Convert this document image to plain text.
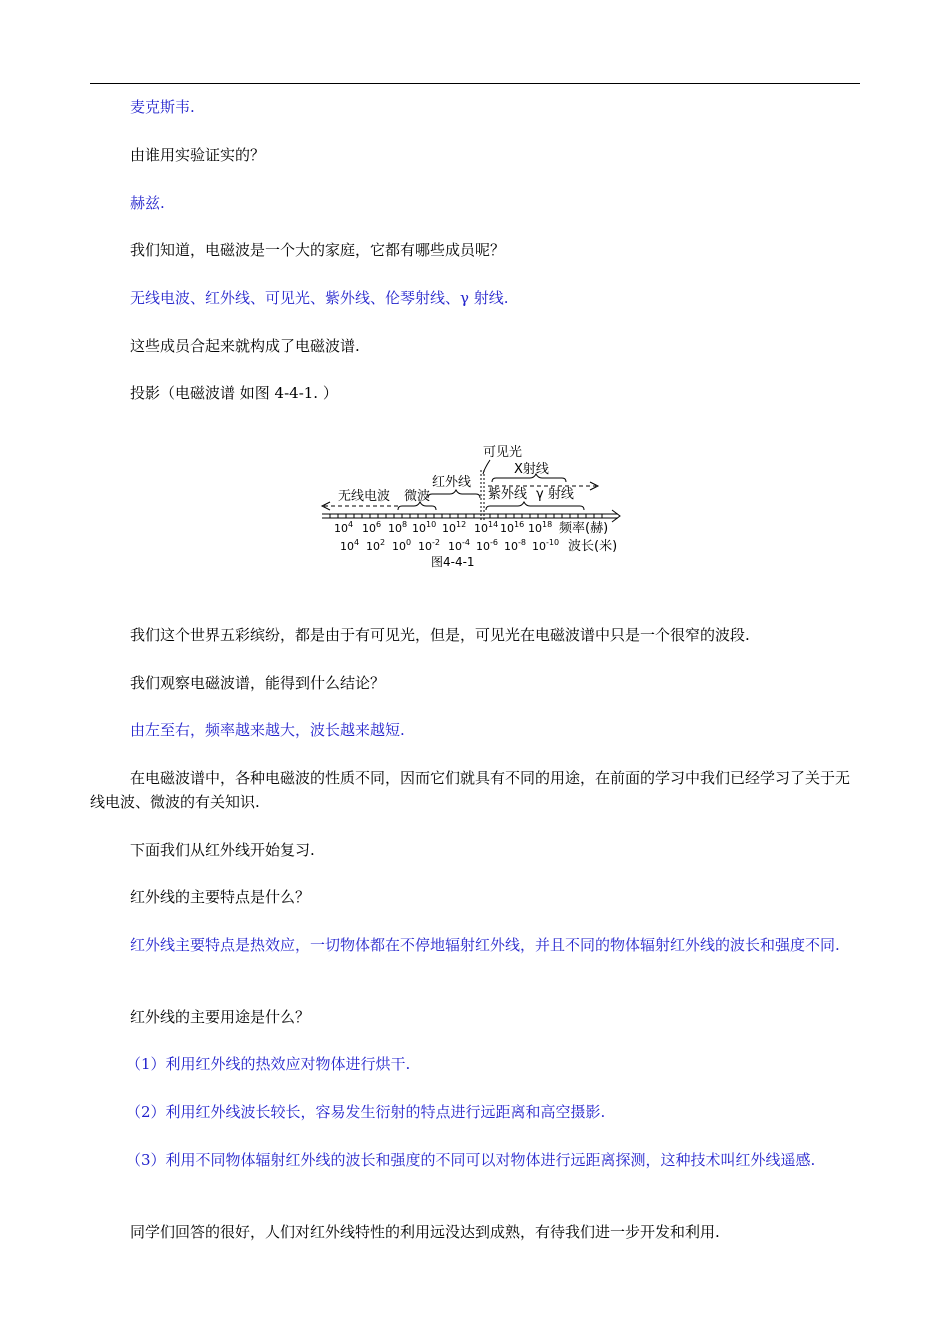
麦克斯韦.
由谁用实验证实的？
赫兹.
我们知道，电磁波是一个大的家庭，它都有哪些成员呢？
无线电波、红外线、可见光、紫外线、伦琴射线、γ 射线.
这些成员合起来就构成了电磁波谱.
投影（电磁波谱 如图 4-4-1. ）
可见光
X射线
红外线
无线电波 微波	紫外线 γ 射线
$10^4$ $10^6$ $10^8$ $10^{10}$ $10^{12}$ $10^{14}$ $10^{16}$ $10^{18}$ 频率(赫)
$10^4$ $10^2$ $10^0$ $10^{-2}$ $10^{-4}$ $10^{-6}$ $10^{-8}$ $10^{-10}$ 波长(米)
图4-4-1
我们这个世界五彩缤纷，都是由于有可见光，但是，可见光在电磁波谱中只是一个很窄的波段.
我们观察电磁波谱，能得到什么结论？
由左至右，频率越来越大，波长越来越短.
在电磁波谱中，各种电磁波的性质不同，因而它们就具有不同的用途，在前面的学习中我们已经学习了关于无线电波、微波的有关知识.
下面我们从红外线开始复习.
红外线的主要特点是什么？
红外线主要特点是热效应，一切物体都在不停地辐射红外线，并且不同的物体辐射红外线的波长和强度不同.
红外线的主要用途是什么？
（1）利用红外线的热效应对物体进行烘干.
（2）利用红外线波长较长，容易发生衍射的特点进行远距离和高空摄影.
（3）利用不同物体辐射红外线的波长和强度的不同可以对物体进行远距离探测，这种技术叫红外线遥感.
同学们回答的很好，人们对红外线特性的利用远没达到成熟，有待我们进一步开发和利用.
